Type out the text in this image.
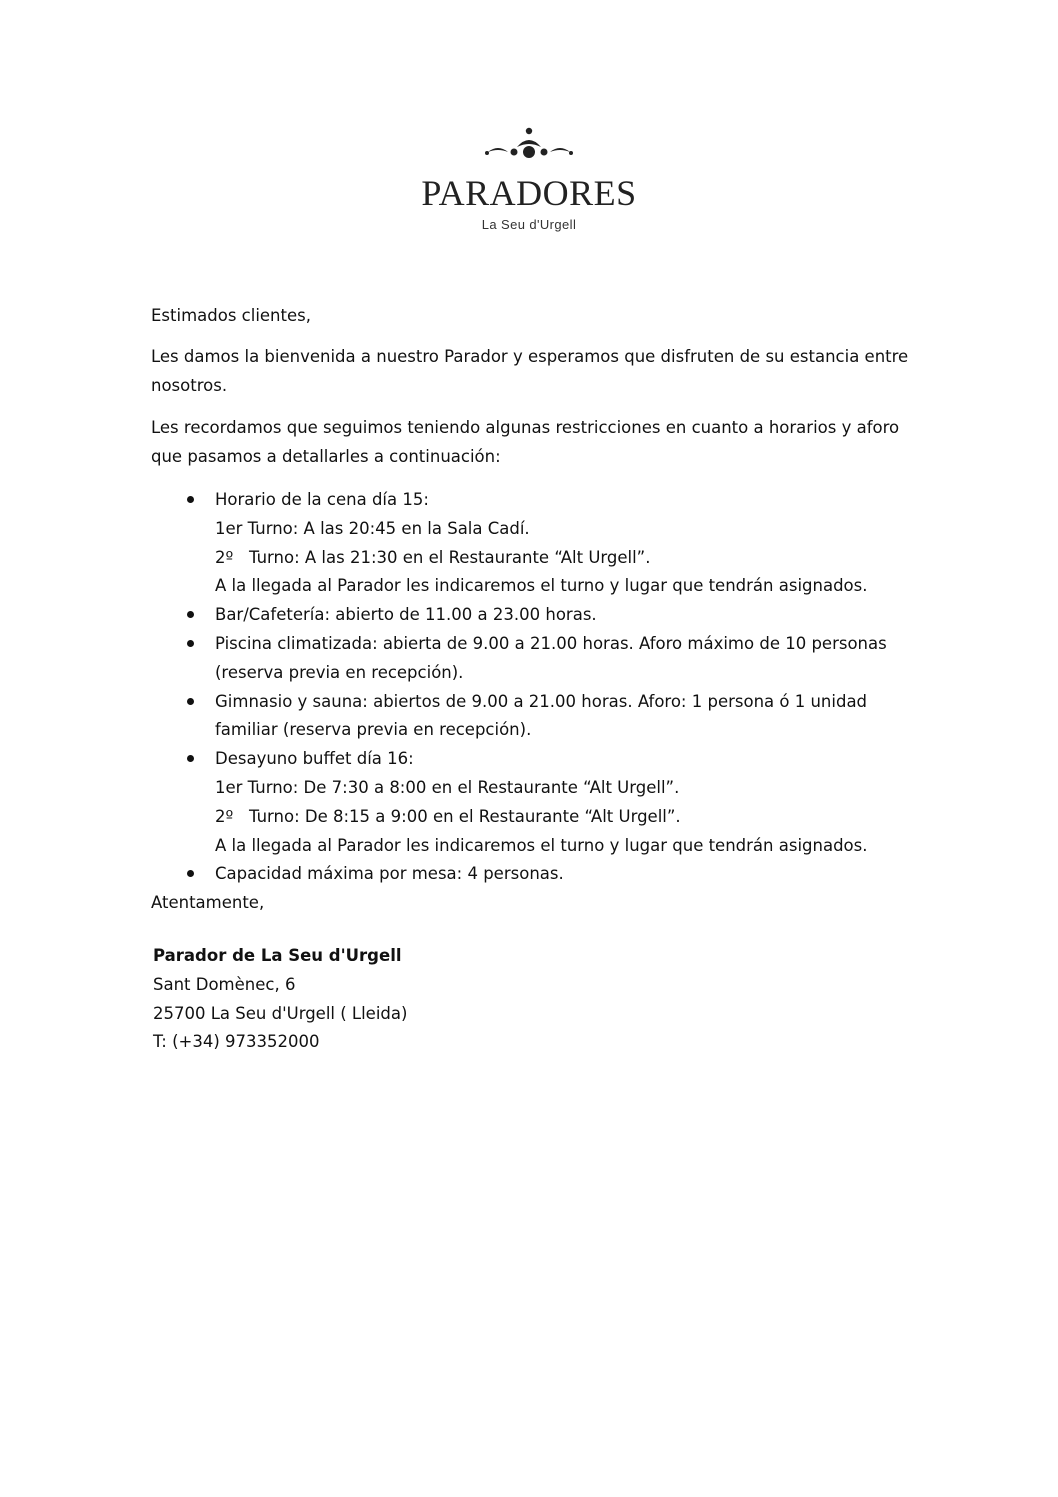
PARADORES
La Seu d'Urgell

Estimados clientes,

Les damos la bienvenida a nuestro Parador y esperamos que disfruten de su estancia entre nosotros.

Les recordamos que seguimos teniendo algunas restricciones en cuanto a horarios y aforo que pasamos a detallarles a continuación:

Horario de la cena día 15:
1er Turno: A las 20:45 en la Sala Cadí.
2º   Turno: A las 21:30 en el Restaurante “Alt Urgell”.
A la llegada al Parador les indicaremos el turno y lugar que tendrán asignados.
Bar/Cafetería: abierto de 11.00 a 23.00 horas.
Piscina climatizada: abierta de 9.00 a 21.00 horas. Aforo máximo de 10 personas (reserva previa en recepción).
Gimnasio y sauna: abiertos de 9.00 a 21.00 horas. Aforo: 1 persona ó 1 unidad familiar (reserva previa en recepción).
Desayuno buffet día 16:
1er Turno: De 7:30 a 8:00 en el Restaurante “Alt Urgell”.
2º   Turno: De 8:15 a 9:00 en el Restaurante “Alt Urgell”.
A la llegada al Parador les indicaremos el turno y lugar que tendrán asignados.
Capacidad máxima por mesa: 4 personas.

Atentamente,

Parador de La Seu d'Urgell
Sant Domènec, 6
25700 La Seu d'Urgell ( Lleida)
T: (+34) 973352000
